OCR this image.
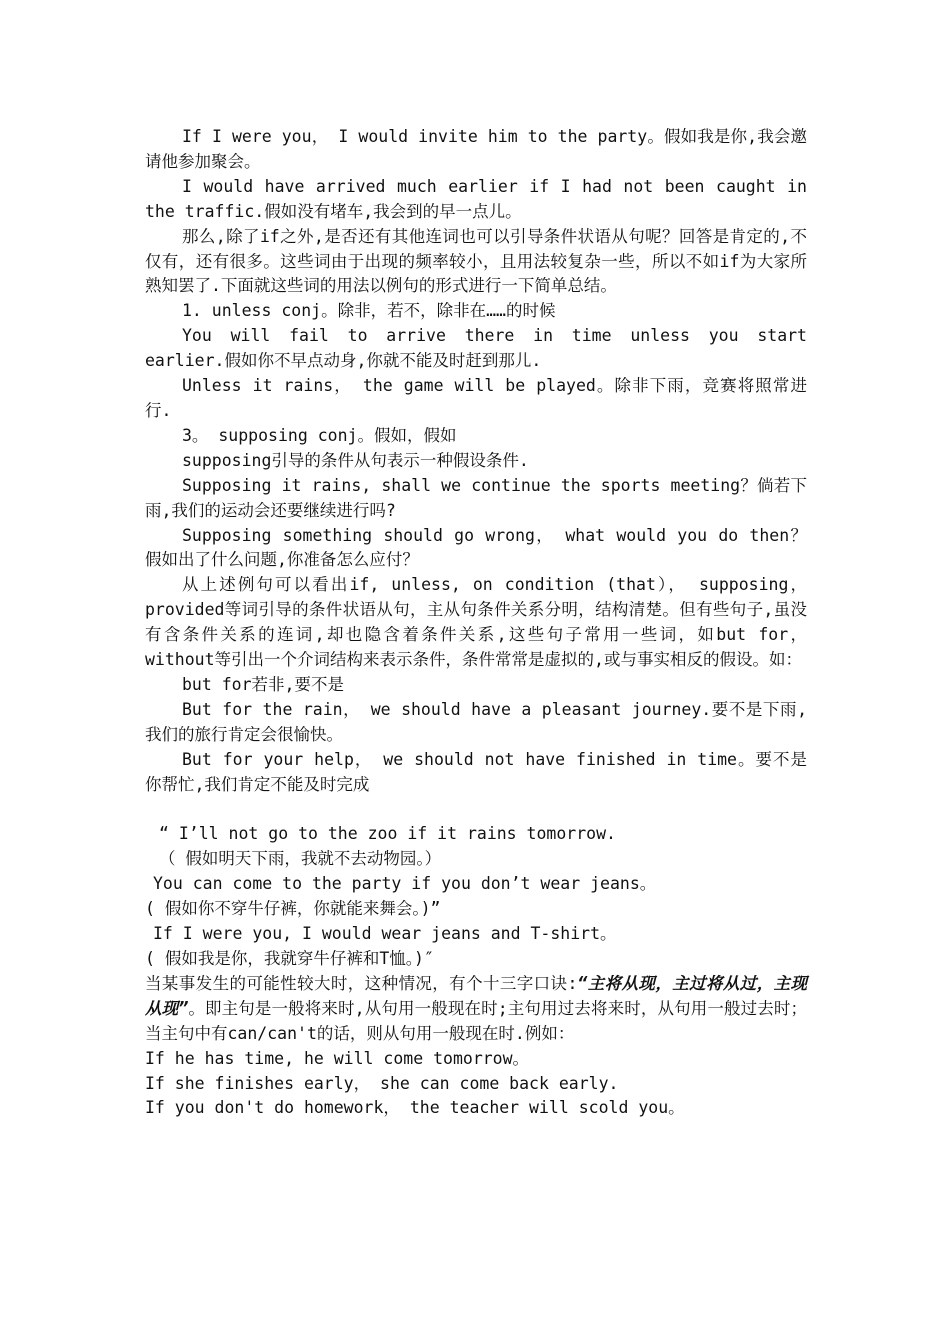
If I were you， I would invite him to the party。假如我是你,我会邀请他参加聚会。

I would have arrived much earlier if I had not been caught in the traffic.假如没有堵车,我会到的早一点儿。

那么,除了if之外,是否还有其他连词也可以引导条件状语从句呢？回答是肯定的,不仅有，还有很多。这些词由于出现的频率较小，且用法较复杂一些，所以不如if为大家所熟知罢了.下面就这些词的用法以例句的形式进行一下简单总结。

1. unless conj。除非，若不，除非在……的时候

You will fail to arrive there in time unless you start earlier.假如你不早点动身,你就不能及时赶到那儿.

Unless it rains， the game will be played。除非下雨，竞赛将照常进行.

3。 supposing conj。假如，假如

supposing引导的条件从句表示一种假设条件.

Supposing it rains, shall we continue the sports meeting？倘若下雨,我们的运动会还要继续进行吗?

Supposing something should go wrong， what would you do then？假如出了什么问题,你准备怎么应付？

从上述例句可以看出if, unless, on condition (that）， supposing，provided等词引导的条件状语从句，主从句条件关系分明，结构清楚。但有些句子,虽没有含条件关系的连词,却也隐含着条件关系,这些句子常用一些词，如but for， without等引出一个介词结构来表示条件，条件常常是虚拟的,或与事实相反的假设。如：

but for若非,要不是

But for the rain， we should have a pleasant journey.要不是下雨,我们的旅行肯定会很愉快。

But for your help， we should not have finished in time。要不是你帮忙,我们肯定不能及时完成

“ I’ll not go to the zoo if it rains tomorrow.

（ 假如明天下雨，我就不去动物园。）

You can come to the party if you don’t wear jeans。

( 假如你不穿牛仔裤，你就能来舞会。)”

If I were you, I would wear jeans and T-shirt。

( 假如我是你，我就穿牛仔裤和T恤。)″

当某事发生的可能性较大时，这种情况，有个十三字口诀:“主将从现，主过将从过，主现从现”。即主句是一般将来时,从句用一般现在时;主句用过去将来时，从句用一般过去时；当主句中有can/can't的话，则从句用一般现在时.例如：

If he has time, he will come tomorrow。

If she finishes early， she can come back early.

If you don't do homework， the teacher will scold you。
